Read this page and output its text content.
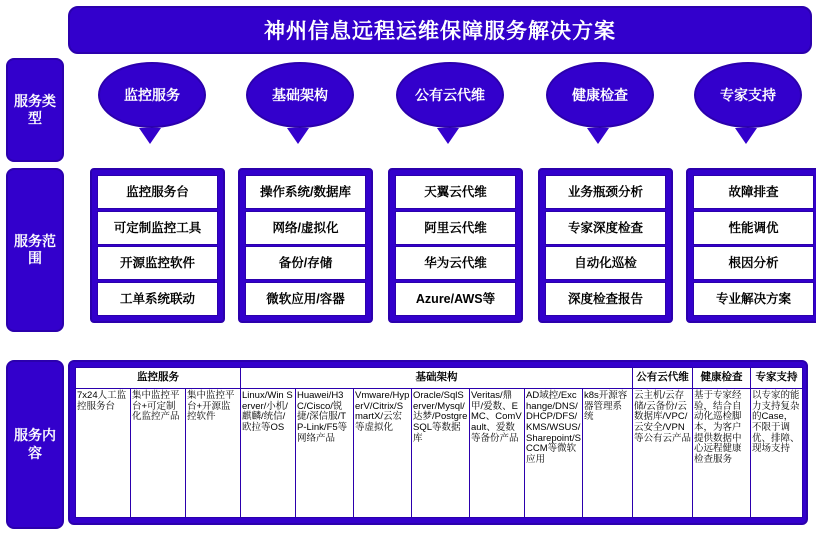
神州信息远程运维保障服务解决方案
服务类型
服务范围
服务内容
监控服务	基础架构	公有云代维	健康检查	专家支持
监控服务台
可定制监控工具
开源监控软件
工单系统联动
操作系统/数据库
网络/虚拟化
备份/存储
微软应用/容器
天翼云代维
阿里云代维
华为云代维
Azure/AWS等
业务瓶颈分析
专家深度检查
自动化巡检
深度检查报告
故障排查
性能调优
根因分析
专业解决方案
监控服务			基础架构							公有云代维	健康检查	专家支持
7x24人工监控服务台	集中监控平台+可定制化监控产品	集中监控平台+开源监控软件	Linux/Win Server/小机/麒麟/统信/欧拉等OS	Huawei/H3C/Cisco/锐捷/深信服/TP-Link/F5等网络产品	Vmware/HyperV/Citrix/SmartX/云宏等虚拟化	Oracle/SqlServer/Mysql/达梦/PostgreSQL等数据库	Veritas/鼎甲/爱数、EMC、ComVault、爱数等备份产品	AD域控/Exchange/DNS/DHCP/DFS/KMS/WSUS/Sharepoint/SCCM等微软应用	k8s开源容器管理系统	云主机/云存储/云备份/云数据库/VPC/云安全/VPN等公有云产品	基于专家经验，结合自动化巡检脚本，为客户提供数据中心远程健康检查服务	以专家的能力支持复杂的Case，不限于调优、排障、现场支持
